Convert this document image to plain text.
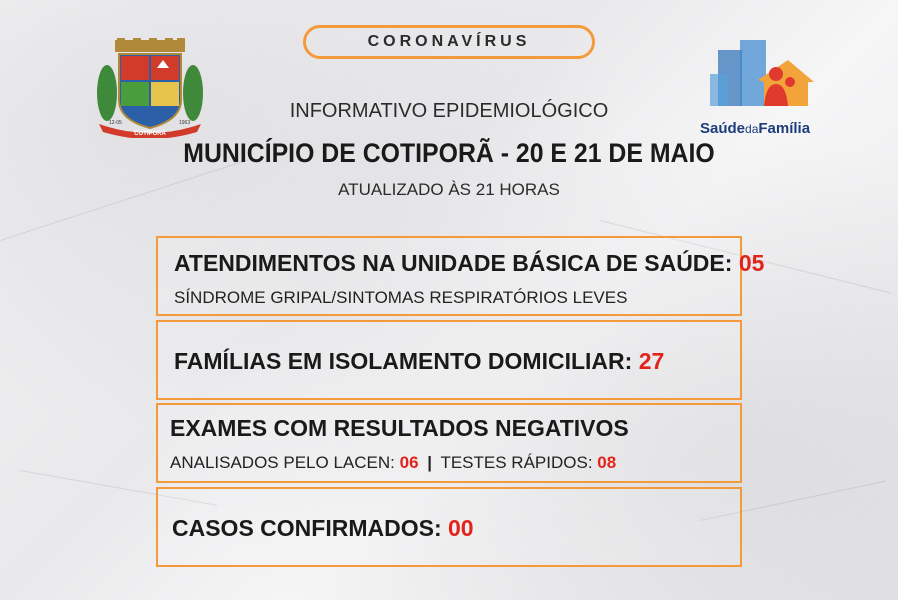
CORONAVÍRUS
COTIPORÃ
12-05	1963	SaúdedaFamília
INFORMATIVO EPIDEMIOLÓGICO
MUNICÍPIO DE COTIPORÃ - 20 E 21 DE MAIO
ATUALIZADO ÀS 21 HORAS
ATENDIMENTOS NA UNIDADE BÁSICA DE SAÚDE: 05
SÍNDROME GRIPAL/SINTOMAS RESPIRATÓRIOS LEVES
FAMÍLIAS EM ISOLAMENTO DOMICILIAR: 27
EXAMES COM RESULTADOS NEGATIVOS
ANALISADOS PELO LACEN: 06 | TESTES RÁPIDOS: 08
CASOS CONFIRMADOS: 00
